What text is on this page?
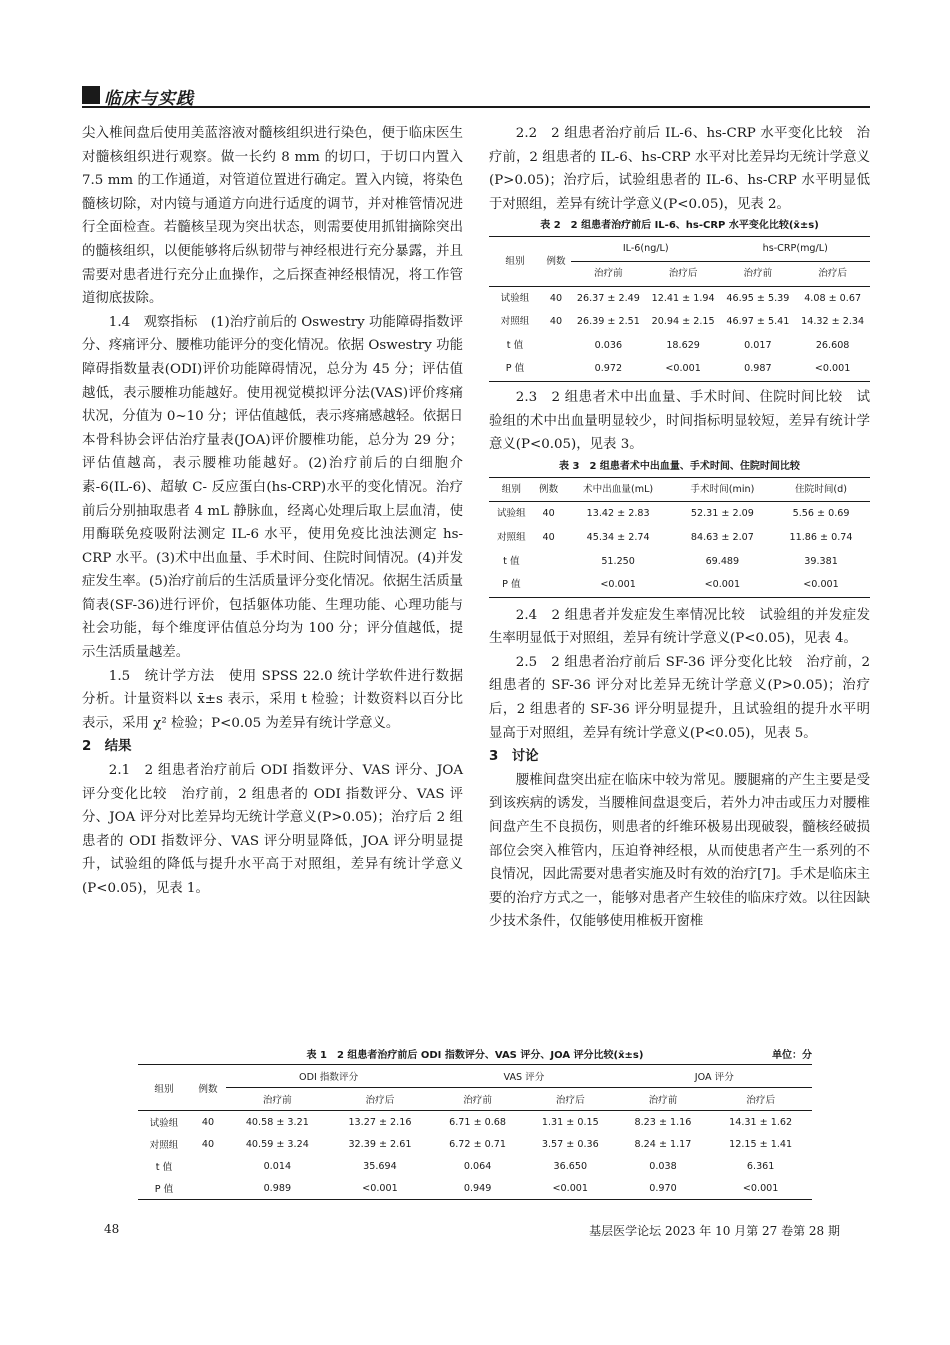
临床与实践

尖入椎间盘后使用美蓝溶液对髓核组织进行染色，便于临床医生对髓核组织进行观察。做一长约 8 mm 的切口，于切口内置入 7.5 mm 的工作通道，对管道位置进行确定。置入内镜，将染色髓核切除，对内镜与通道方向进行适度的调节，并对椎管情况进行全面检查。若髓核呈现为突出状态，则需要使用抓钳摘除突出的髓核组织，以便能够将后纵韧带与神经根进行充分暴露，并且需要对患者进行充分止血操作，之后探查神经根情况，将工作管道彻底拔除。

1.4　观察指标　(1)治疗前后的 Oswestry 功能障碍指数评分、疼痛评分、腰椎功能评分的变化情况。依据 Oswestry 功能障碍指数量表(ODI)评价功能障碍情况，总分为 45 分；评估值越低，表示腰椎功能越好。使用视觉模拟评分法(VAS)评价疼痛状况，分值为 0~10 分；评估值越低，表示疼痛感越轻。依据日本骨科协会评估治疗量表(JOA)评价腰椎功能，总分为 29 分；评估值越高，表示腰椎功能越好。(2)治疗前后的白细胞介素-6(IL-6)、超敏 C- 反应蛋白(hs-CRP)水平的变化情况。治疗前后分别抽取患者 4 mL 静脉血，经离心处理后取上层血清，使用酶联免疫吸附法测定 IL-6 水平，使用免疫比浊法测定 hs-CRP 水平。(3)术中出血量、手术时间、住院时间情况。(4)并发症发生率。(5)治疗前后的生活质量评分变化情况。依据生活质量简表(SF-36)进行评价，包括躯体功能、生理功能、心理功能与社会功能，每个维度评估值总分均为 100 分；评分值越低，提示生活质量越差。

1.5　统计学方法　使用 SPSS 22.0 统计学软件进行数据分析。计量资料以 x̄±s 表示，采用 t 检验；计数资料以百分比表示，采用 χ² 检验；P<0.05 为差异有统计学意义。

2　结果

2.1　2 组患者治疗前后 ODI 指数评分、VAS 评分、JOA 评分变化比较　治疗前，2 组患者的 ODI 指数评分、VAS 评分、JOA 评分对比差异均无统计学意义(P>0.05)；治疗后 2 组患者的 ODI 指数评分、VAS 评分明显降低，JOA 评分明显提升，试验组的降低与提升水平高于对照组，差异有统计学意义(P<0.05)，见表 1。

2.2　2 组患者治疗前后 IL-6、hs-CRP 水平变化比较　治疗前，2 组患者的 IL-6、hs-CRP 水平对比差异均无统计学意义(P>0.05)；治疗后，试验组患者的 IL-6、hs-CRP 水平明显低于对照组，差异有统计学意义(P<0.05)，见表 2。

表 2　2 组患者治疗前后 IL-6、hs-CRP 水平变化比较(x̄±s)
组别	例数	IL-6(ng/L)		hs-CRP(mg/L)	
		治疗前	治疗后	治疗前	治疗后
试验组	40	26.37 ± 2.49	12.41 ± 1.94	46.95 ± 5.39	4.08 ± 0.67
对照组	40	26.39 ± 2.51	20.94 ± 2.15	46.97 ± 5.41	14.32 ± 2.34
t 值		0.036	18.629	0.017	26.608
P 值		0.972	<0.001	0.987	<0.001

2.3　2 组患者术中出血量、手术时间、住院时间比较　试验组的术中出血量明显较少，时间指标明显较短，差异有统计学意义(P<0.05)，见表 3。

表 3　2 组患者术中出血量、手术时间、住院时间比较
组别	例数	术中出血量(mL)	手术时间(min)	住院时间(d)
试验组	40	13.42 ± 2.83	52.31 ± 2.09	5.56 ± 0.69
对照组	40	45.34 ± 2.74	84.63 ± 2.07	11.86 ± 0.74
t 值		51.250	69.489	39.381
P 值		<0.001	<0.001	<0.001

2.4　2 组患者并发症发生率情况比较　试验组的并发症发生率明显低于对照组，差异有统计学意义(P<0.05)，见表 4。

2.5　2 组患者治疗前后 SF-36 评分变化比较　治疗前，2 组患者的 SF-36 评分对比差异无统计学意义(P>0.05)；治疗后，2 组患者的 SF-36 评分明显提升，且试验组的提升水平明显高于对照组，差异有统计学意义(P<0.05)，见表 5。

3　讨论

腰椎间盘突出症在临床中较为常见。腰腿痛的产生主要是受到该疾病的诱发，当腰椎间盘退变后，若外力冲击或压力对腰椎间盘产生不良损伤，则患者的纤维环极易出现破裂，髓核经破损部位会突入椎管内，压迫脊神经根，从而使患者产生一系列的不良情况，因此需要对患者实施及时有效的治疗[7]。手术是临床主要的治疗方式之一，能够对患者产生较佳的临床疗效。以往因缺少技术条件，仅能够使用椎板开窗椎

表 1　2 组患者治疗前后 ODI 指数评分、VAS 评分、JOA 评分比较(x̄±s)	单位：分
组别	例数	ODI 指数评分		VAS 评分		JOA 评分	
		治疗前	治疗后	治疗前	治疗后	治疗前	治疗后
试验组	40	40.58 ± 3.21	13.27 ± 2.16	6.71 ± 0.68	1.31 ± 0.15	8.23 ± 1.16	14.31 ± 1.62
对照组	40	40.59 ± 3.24	32.39 ± 2.61	6.72 ± 0.71	3.57 ± 0.36	8.24 ± 1.17	12.15 ± 1.41
t 值		0.014	35.694	0.064	36.650	0.038	6.361
P 值		0.989	<0.001	0.949	<0.001	0.970	<0.001
48	基层医学论坛 2023 年 10 月第 27 卷第 28 期
